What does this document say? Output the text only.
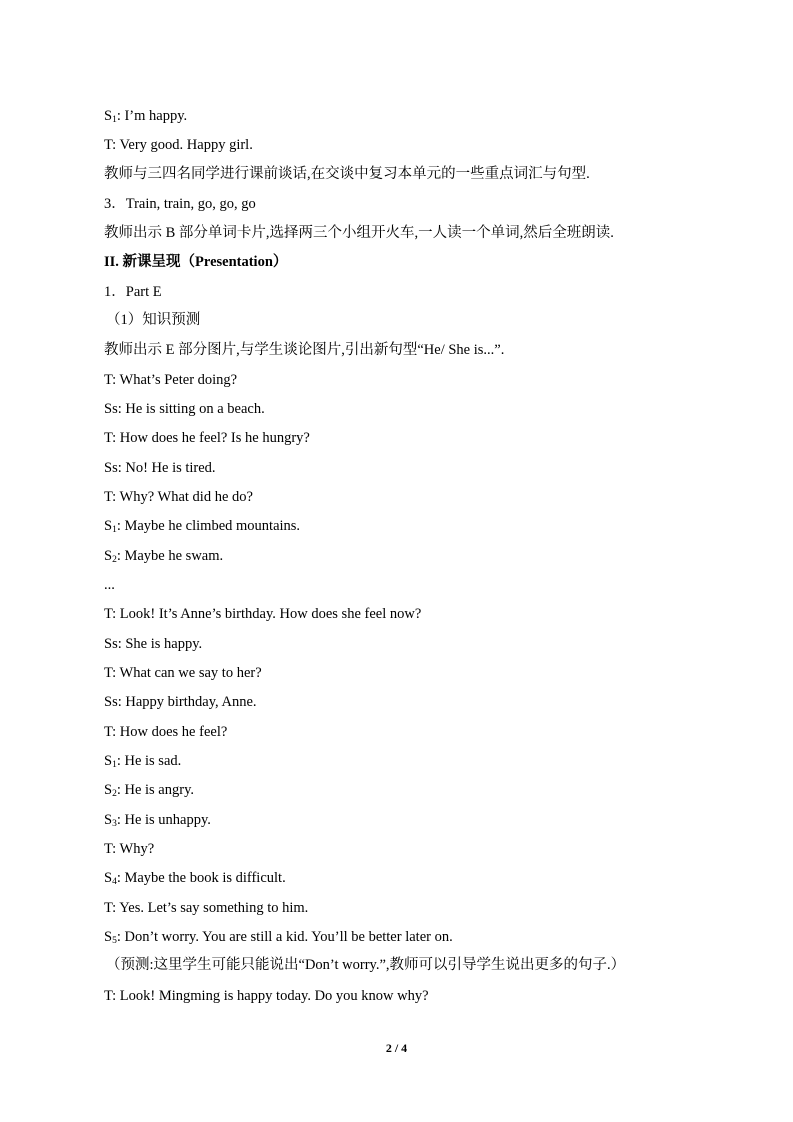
$S_1$: I’m happy.
T: Very good. Happy girl.
教师与三四名同学进行课前谈话,在交谈中复习本单元的一些重点词汇与句型.
3．Train, train, go, go, go
教师出示 B 部分单词卡片,选择两三个小组开火车,一人读一个单词,然后全班朗读.
II. 新课呈现（Presentation）
1．Part E
（1）知识预测
教师出示 E 部分图片,与学生谈论图片,引出新句型“He/ She is...”.
T: What’s Peter doing?
Ss: He is sitting on a beach.
T: How does he feel? Is he hungry?
Ss: No! He is tired.
T: Why? What did he do?
$S_1$: Maybe he climbed mountains.
$S_2$: Maybe he swam.
...
T: Look! It’s Anne’s birthday. How does she feel now?
Ss: She is happy.
T: What can we say to her?
Ss: Happy birthday, Anne.
T: How does he feel?
$S_1$: He is sad.
$S_2$: He is angry.
$S_3$: He is unhappy.
T: Why?
$S_4$: Maybe the book is difficult.
T: Yes. Let’s say something to him.
$S_5$: Don’t worry. You are still a kid. You’ll be better later on.
（预测:这里学生可能只能说出“Don’t worry.”,教师可以引导学生说出更多的句子.）
T: Look! Mingming is happy today. Do you know why?
2 / 4
